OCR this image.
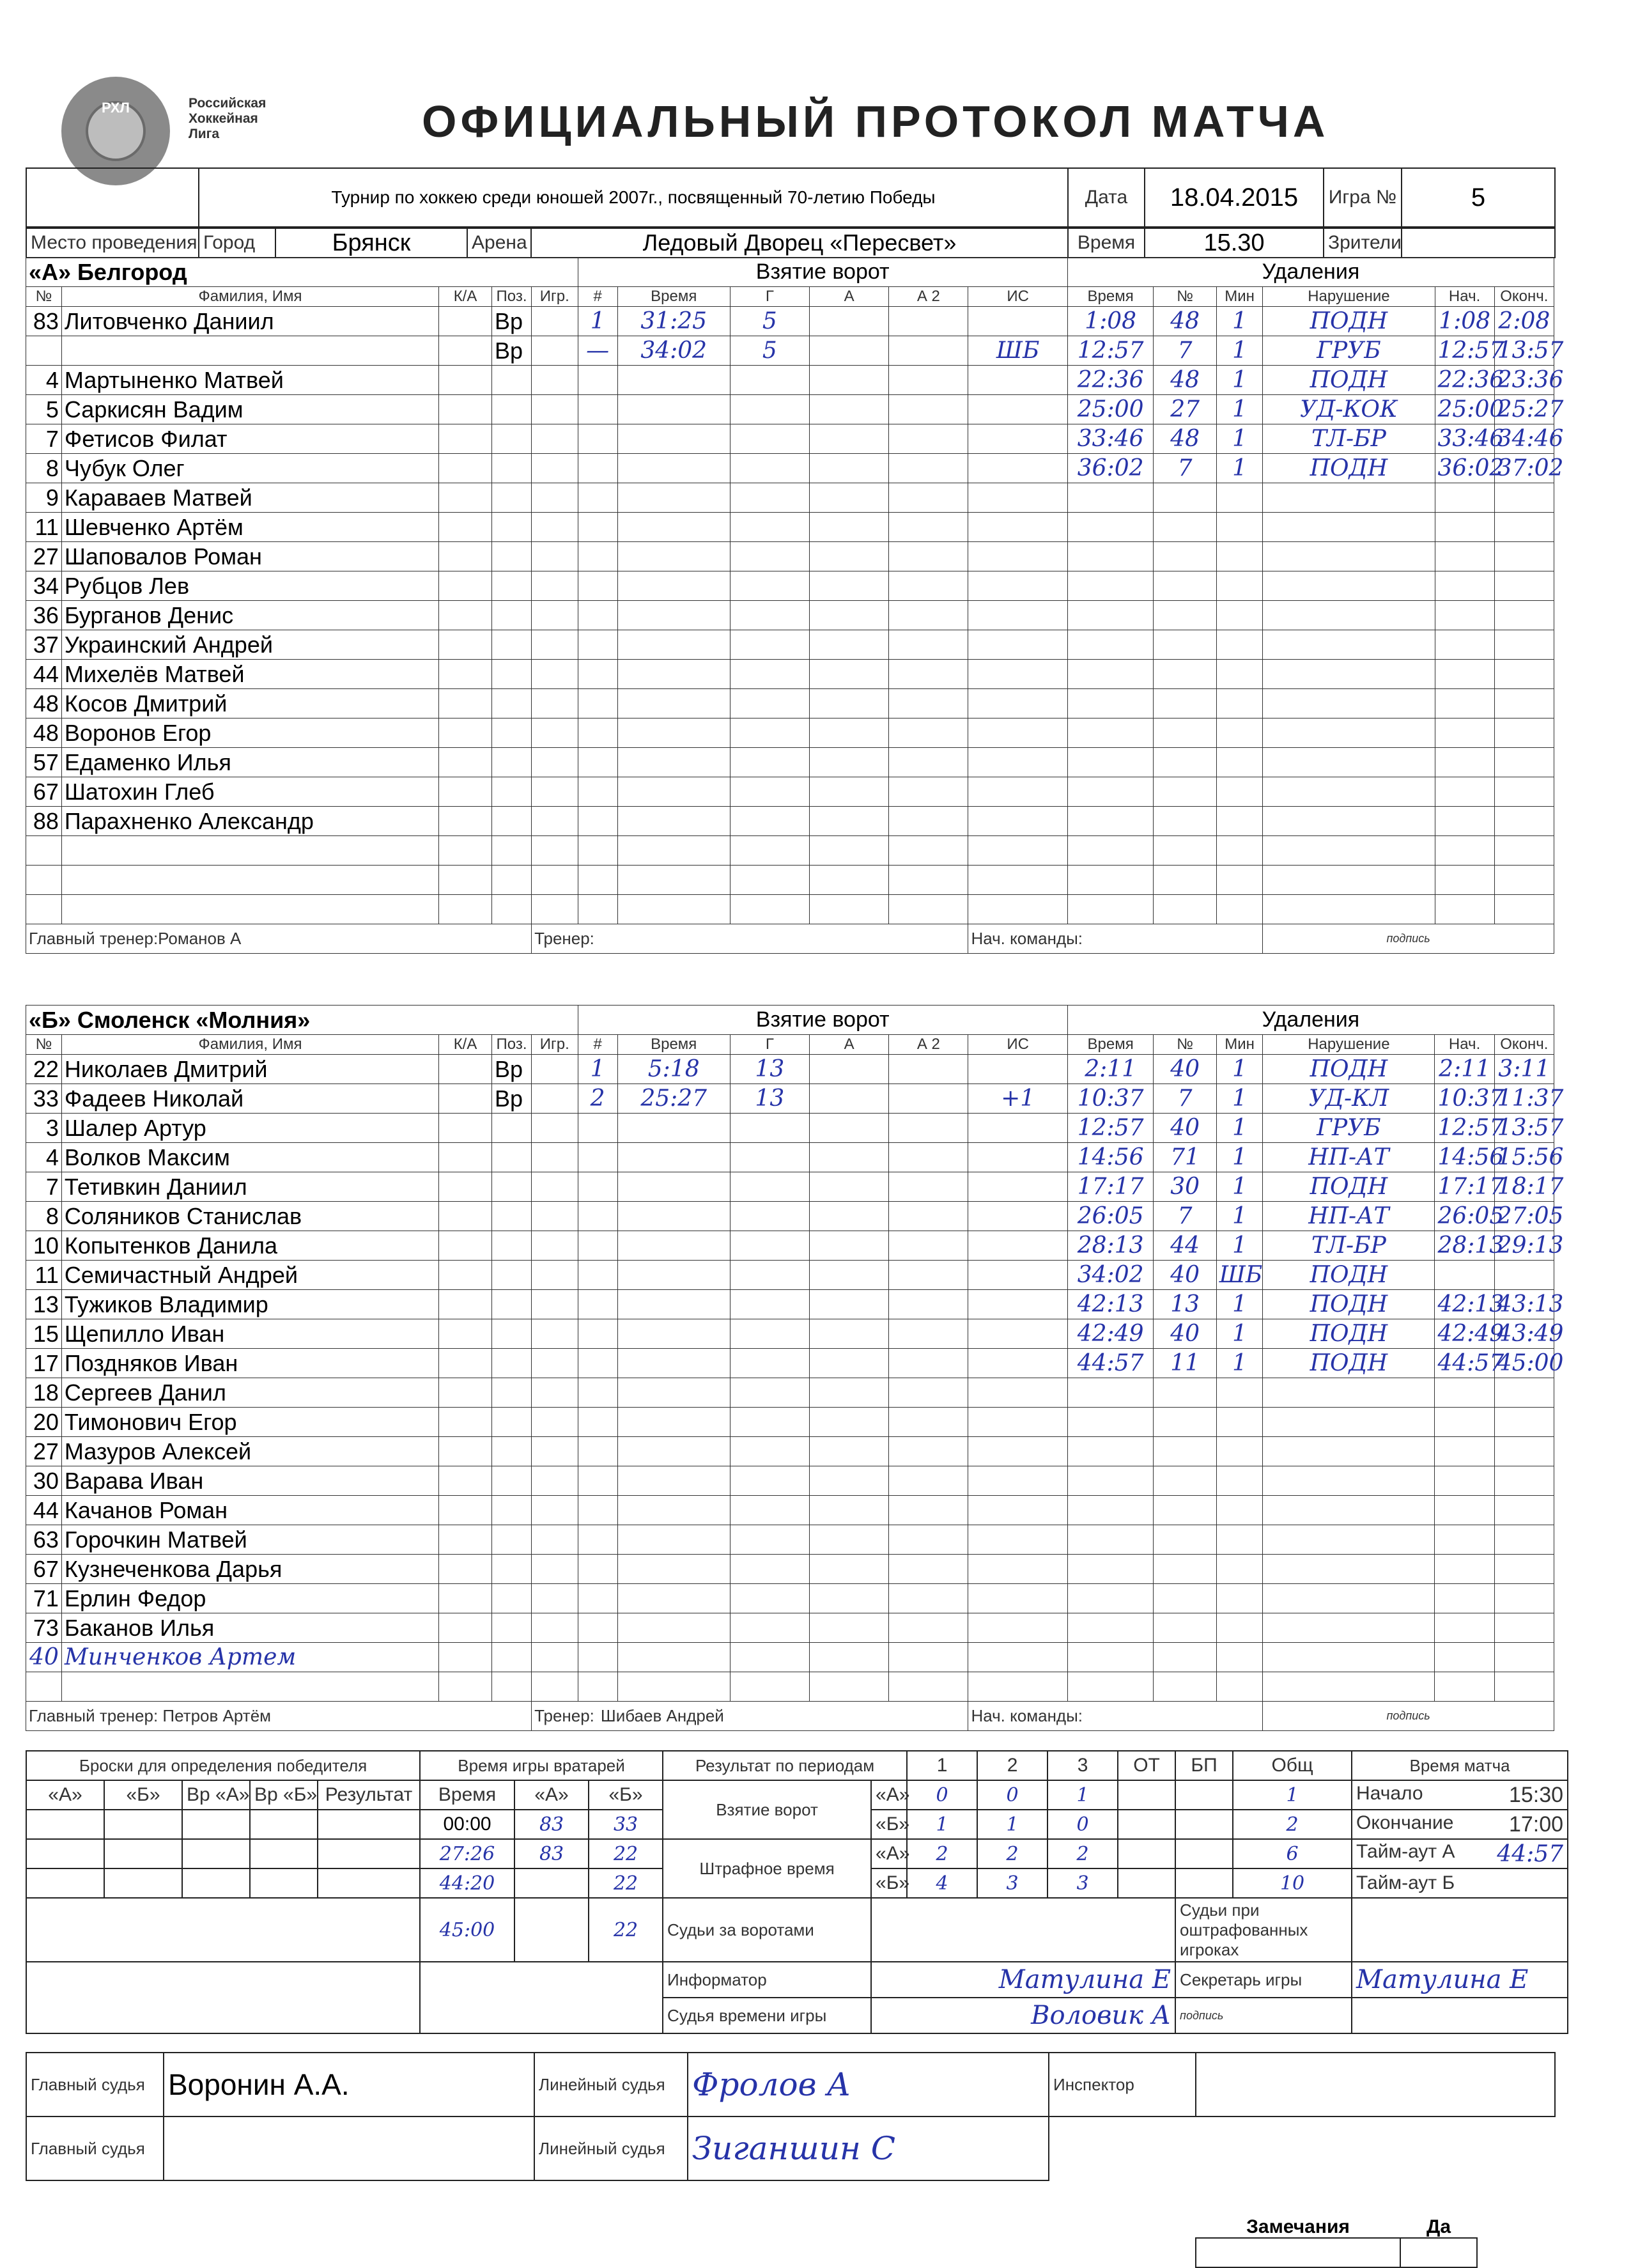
РХЛ	Российская
Хоккейная
Лига	ОФИЦИАЛЬНЫЙ ПРОТОКОЛ МАТЧА
	Турнир по хоккею среди юношей 2007г., посвященный 70-летию Победы	Дата	18.04.2015	Игра №	5
Место проведения	Город	Брянск	Арена	Ледовый Дворец «Пересвет»	Время	15.30	Зрители	
«А» Белгород					Взятие ворот						Удаления					
№	Фамилия, Имя	К/А	Поз.	Игр.	#	Время	Г	А	А 2	ИС	Время	№	Мин	Нарушение	Нач.	Оконч.
83	Литовченко Даниил		Вр		1	31:25	5				1:08	48	1	ПОДН	1:08	2:08
			Вр		—	34:02	5			ШБ	12:57	7	1	ГРУБ	12:57	13:57
4	Мартыненко Матвей										22:36	48	1	ПОДН	22:36	23:36
5	Саркисян Вадим										25:00	27	1	УД-КОК	25:00	25:27
7	Фетисов Филат										33:46	48	1	ТЛ-БР	33:46	34:46
8	Чубук Олег										36:02	7	1	ПОДН	36:02	37:02
9	Караваев Матвей															
11	Шевченко Артём															
27	Шаповалов Роман															
34	Рубцов Лев															
36	Бурганов Денис															
37	Украинский Андрей															
44	Михелёв Матвей															
48	Косов Дмитрий															
48	Воронов Егор															
57	Едаменко Илья															
67	Шатохин Глеб															
88	Парахненко Александр															

Главный тренер:Романов А				Тренер:						Нач. команды:				подпись		
«Б» Смоленск «Молния»					Взятие ворот						Удаления					
№	Фамилия, Имя	К/А	Поз.	Игр.	#	Время	Г	А	А 2	ИС	Время	№	Мин	Нарушение	Нач.	Оконч.
22	Николаев Дмитрий		Вр		1	5:18	13				2:11	40	1	ПОДН	2:11	3:11
33	Фадеев Николай		Вр		2	25:27	13			+1	10:37	7	1	УД-КЛ	10:37	11:37
3	Шалер Артур										12:57	40	1	ГРУБ	12:57	13:57
4	Волков Максим										14:56	71	1	НП-АТ	14:56	15:56
7	Тетивкин Даниил										17:17	30	1	ПОДН	17:17	18:17
8	Соляников Станислав										26:05	7	1	НП-АТ	26:05	27:05
10	Копытенков Данила										28:13	44	1	ТЛ-БР	28:13	29:13
11	Семичастный Андрей										34:02	40	ШБ	ПОДН		
13	Тужиков Владимир										42:13	13	1	ПОДН	42:13	43:13
15	Щепилло Иван										42:49	40	1	ПОДН	42:49	43:49
17	Поздняков Иван										44:57	11	1	ПОДН	44:57	45:00
18	Сергеев Данил															
20	Тимонович Егор															
27	Мазуров Алексей															
30	Варава Иван															
44	Качанов Роман															
63	Горочкин Матвей															
67	Кузнеченкова Дарья															
71	Ерлин Федор															
73	Баканов Илья															
40	Минченков Артем															

Главный тренер: Петров Артём				Тренер: Шибаев Андрей						Нач. команды:				подпись		
Броски для определения победителя					Время игры вратарей			Результат по периодам		1	2	3	ОТ	БП	Общ	Время матча
«А»	«Б»	Вр «А»	Вр «Б»	Результат	Время	«А»	«Б»	Взятие ворот	«А»	0	0	1			1	Начало 15:30

					00:00	83	33		«Б»	1	1	0			2	Окончание 17:00

					27:26	83	22	Штрафное время	«А»	2	2	2			6	Тайм-аут А 44:57

					44:20		22		«Б»	4	3	3			10	Тайм-аут Б
					45:00		22	Судьи за воротами						Судьи при оштрафованных игроках		
								Информатор	Матулина Е					Секретарь игры		Матулина Е
								Судья времени игры	Воловик А					подпись		
Главный судья	Воронин А.А.	Линейный судья	Фролов А
Главный судья		Линейный судья	Зиганшин С
Инспектор	
Замечания	Да
